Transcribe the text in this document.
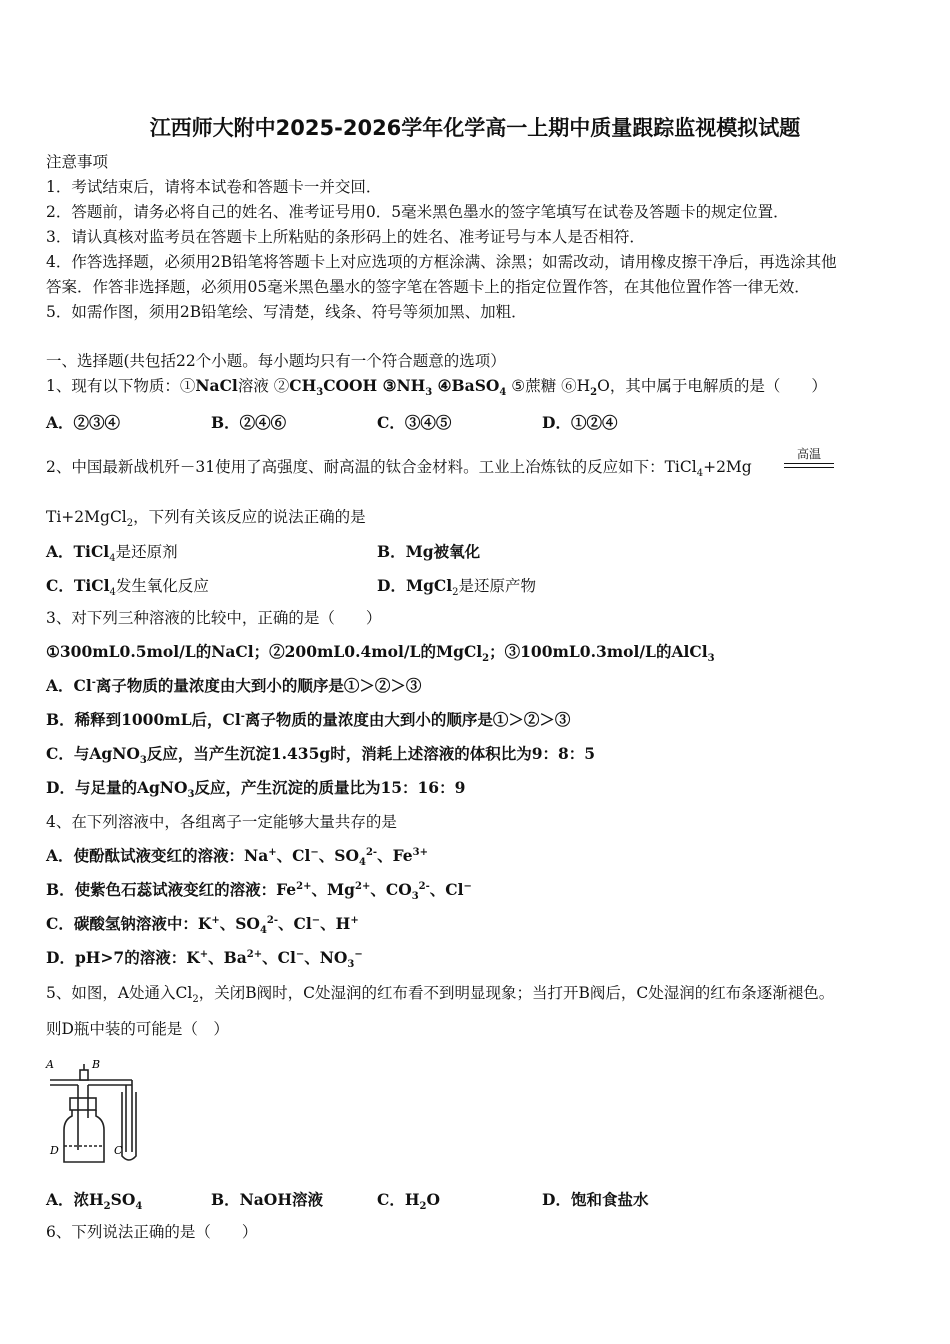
江西师大附中2025-2026学年化学高一上期中质量跟踪监视模拟试题
注意事项
1．考试结束后，请将本试卷和答题卡一并交回．
2．答题前，请务必将自己的姓名、准考证号用0．5毫米黑色墨水的签字笔填写在试卷及答题卡的规定位置．
3．请认真核对监考员在答题卡上所粘贴的条形码上的姓名、准考证号与本人是否相符．
4．作答选择题，必须用2B铅笔将答题卡上对应选项的方框涂满、涂黑；如需改动，请用橡皮擦干净后，再选涂其他
答案．作答非选择题，必须用05毫米黑色墨水的签字笔在答题卡上的指定位置作答，在其他位置作答一律无效．
5．如需作图，须用2B铅笔绘、写清楚，线条、符号等须加黑、加粗．
一、选择题(共包括22个小题。每小题均只有一个符合题意的选项）
1、现有以下物质：①NaCl溶液 $②CH_3COOH$ $③NH_3$ ④BaSO$_4$ ⑤蔗糖 $⑥H_2O$，其中属于电解质的是（　　）
A．②③④	B．②④⑥	C．③④⑤	D．①②④
2、中国最新战机歼－31使用了高强度、耐高温的钛合金材料。工业上冶炼钛的反应如下：TiCl$_4$+2Mg
高温
Ti+2MgCl$_2$，下列有关该反应的说法正确的是
A．TiCl$_4$是还原剂	B．Mg被氧化
C．TiCl$_4$发生氧化反应	D．MgCl$_2$是还原产物
3、对下列三种溶液的比较中，正确的是（　　）
①300mL0.5mol/L的NaCl；②200mL0.4mol/L的MgCl$_2$；③100mL0.3mol/L的AlCl$_3$
A．Cl-离子物质的量浓度由大到小的顺序是①＞②＞③
B．稀释到1000mL后，Cl-离子物质的量浓度由大到小的顺序是①＞②＞③
C．与AgNO$_3$反应，当产生沉淀1.435g时，消耗上述溶液的体积比为9：8：5
D．与足量的AgNO$_3$反应，产生沉淀的质量比为15：16：9
4、在下列溶液中，各组离子一定能够大量共存的是
A．使酚酞试液变红的溶液：Na+、Cl−、$SO_4^{2-}$、$Fe^{3+}$
B．使紫色石蕊试液变红的溶液：$Fe^{2+}$、$Mg^{2+}$、$CO_3^{2-}$、Cl−
C．碳酸氢钠溶液中：K+、$SO_4^{2-}$、Cl−、H+
D．pH>7的溶液：K+、$Ba^{2+}$、Cl−、$NO_3^-$
5、如图，A处通入$Cl_2$，关闭B阀时，C处湿润的红布看不到明显现象；当打开B阀后，C处湿润的红布条逐渐褪色。
则D瓶中装的可能是（　）
A	B
D	C
A．浓$H_2SO_4$	B．NaOH溶液	C．$H_2O$	D．饱和食盐水
6、下列说法正确的是（　　）
